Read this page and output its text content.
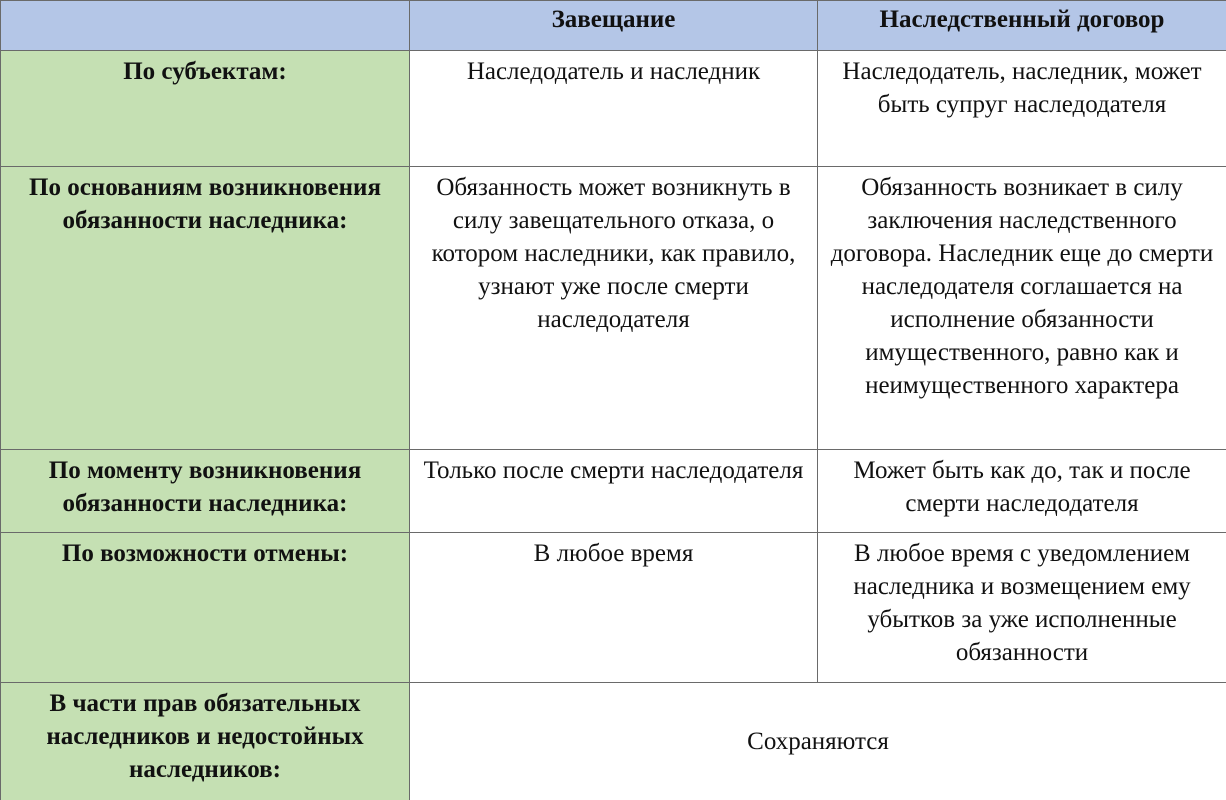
	Завещание	Наследственный договор
По субъектам:	Наследодатель и наследник	Наследодатель, наследник, может быть супруг наследодателя
По основаниям возникновения обязанности наследника:	Обязанность может возникнуть в силу завещательного отказа, о котором наследники, как правило, узнают уже после смерти наследодателя	Обязанность возникает в силу заключения наследственного договора. Наследник еще до смерти наследодателя соглашается на исполнение обязанности имущественного, равно как и неимущественного характера
По моменту возникновения обязанности наследника:	Только после смерти наследодателя	Может быть как до, так и после смерти наследодателя
По возможности отмены:	В любое время	В любое время с уведомлением наследника и возмещением ему убытков за уже исполненные обязанности
В части прав обязательных наследников и недостойных наследников:	Сохраняются	
